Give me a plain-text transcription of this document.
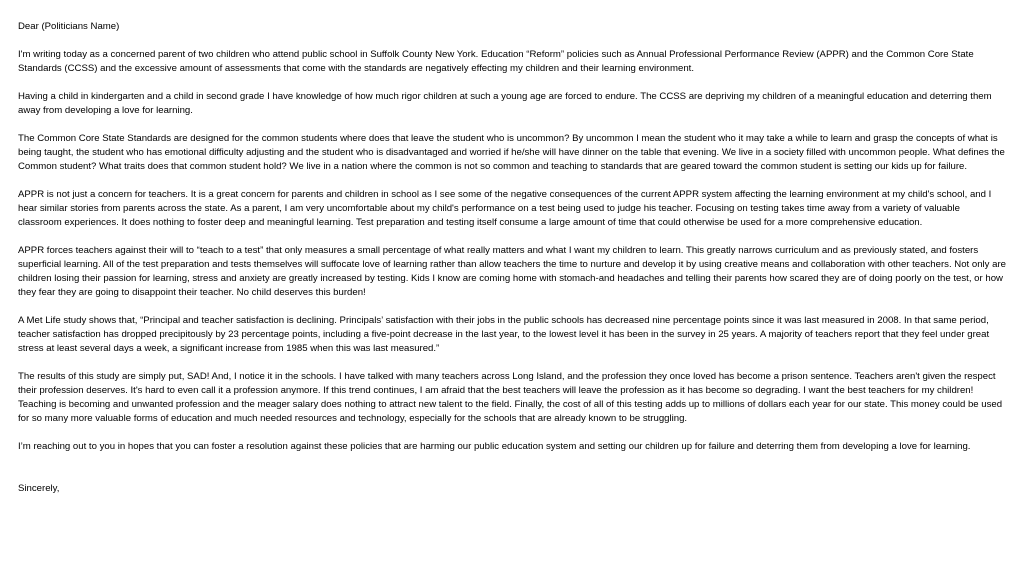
Dear (Politicians Name)

I'm writing today as a concerned parent of two children who attend public school in Suffolk County New York. Education “Reform” policies such as Annual Professional Performance Review (APPR) and the Common Core State Standards (CCSS) and the excessive amount of assessments that come with the standards are negatively effecting my children and their learning environment.

Having a child in kindergarten and a child in second grade I have knowledge of how much rigor children at such a young age are forced to endure. The CCSS are depriving my children of a meaningful education and deterring them away from developing a love for learning.

The Common Core State Standards are designed for the common students where does that leave the student who is uncommon? By uncommon I mean the student who it may take a while to learn and grasp the concepts of what is being taught, the student who has emotional difficulty adjusting and the student who is disadvantaged and worried if he/she will have dinner on the table that evening. We live in a society filled with uncommon people. What defines the Common student? What traits does that common student hold? We live in a nation where the common is not so common and teaching to standards that are geared toward the common student is setting our kids up for failure.

APPR is not just a concern for teachers. It is a great concern for parents and children in school as I see some of the negative consequences of the current APPR system affecting the learning environment at my child's school, and I hear similar stories from parents across the state. As a parent, I am very uncomfortable about my child's performance on a test being used to judge his teacher. Focusing on testing takes time away from a variety of valuable classroom experiences. It does nothing to foster deep and meaningful learning. Test preparation and testing itself consume a large amount of time that could otherwise be used for a more comprehensive education.

APPR forces teachers against their will to “teach to a test” that only measures a small percentage of what really matters and what I want my children to learn. This greatly narrows curriculum and as previously stated, and fosters superficial learning. All of the test preparation and tests themselves will suffocate love of learning rather than allow teachers the time to nurture and develop it by using creative means and collaboration with other teachers. Not only are children losing their passion for learning, stress and anxiety are greatly increased by testing. Kids I know are coming home with stomach-and headaches and telling their parents how scared they are of doing poorly on the test, or how they fear they are going to disappoint their teacher. No child deserves this burden!

A Met Life study shows that, “Principal and teacher satisfaction is declining. Principals’ satisfaction with their jobs in the public schools has decreased nine percentage points since it was last measured in 2008. In that same period, teacher satisfaction has dropped precipitously by 23 percentage points, including a five-point decrease in the last year, to the lowest level it has been in the survey in 25 years. A majority of teachers report that they feel under great stress at least several days a week, a significant increase from 1985 when this was last measured.”

The results of this study are simply put, SAD! And, I notice it in the schools. I have talked with many teachers across Long Island, and the profession they once loved has become a prison sentence. Teachers aren't given the respect their profession deserves. It's hard to even call it a profession anymore. If this trend continues, I am afraid that the best teachers will leave the profession as it has become so degrading. I want the best teachers for my children! Teaching is becoming and unwanted profession and the meager salary does nothing to attract new talent to the field. Finally, the cost of all of this testing adds up to millions of dollars each year for our state. This money could be used for so many more valuable forms of education and much needed resources and technology, especially for the schools that are already known to be struggling.

I’m reaching out to you in hopes that you can foster a resolution against these policies that are harming our public education system and setting our children up for failure and deterring them from developing a love for learning.

Sincerely,
